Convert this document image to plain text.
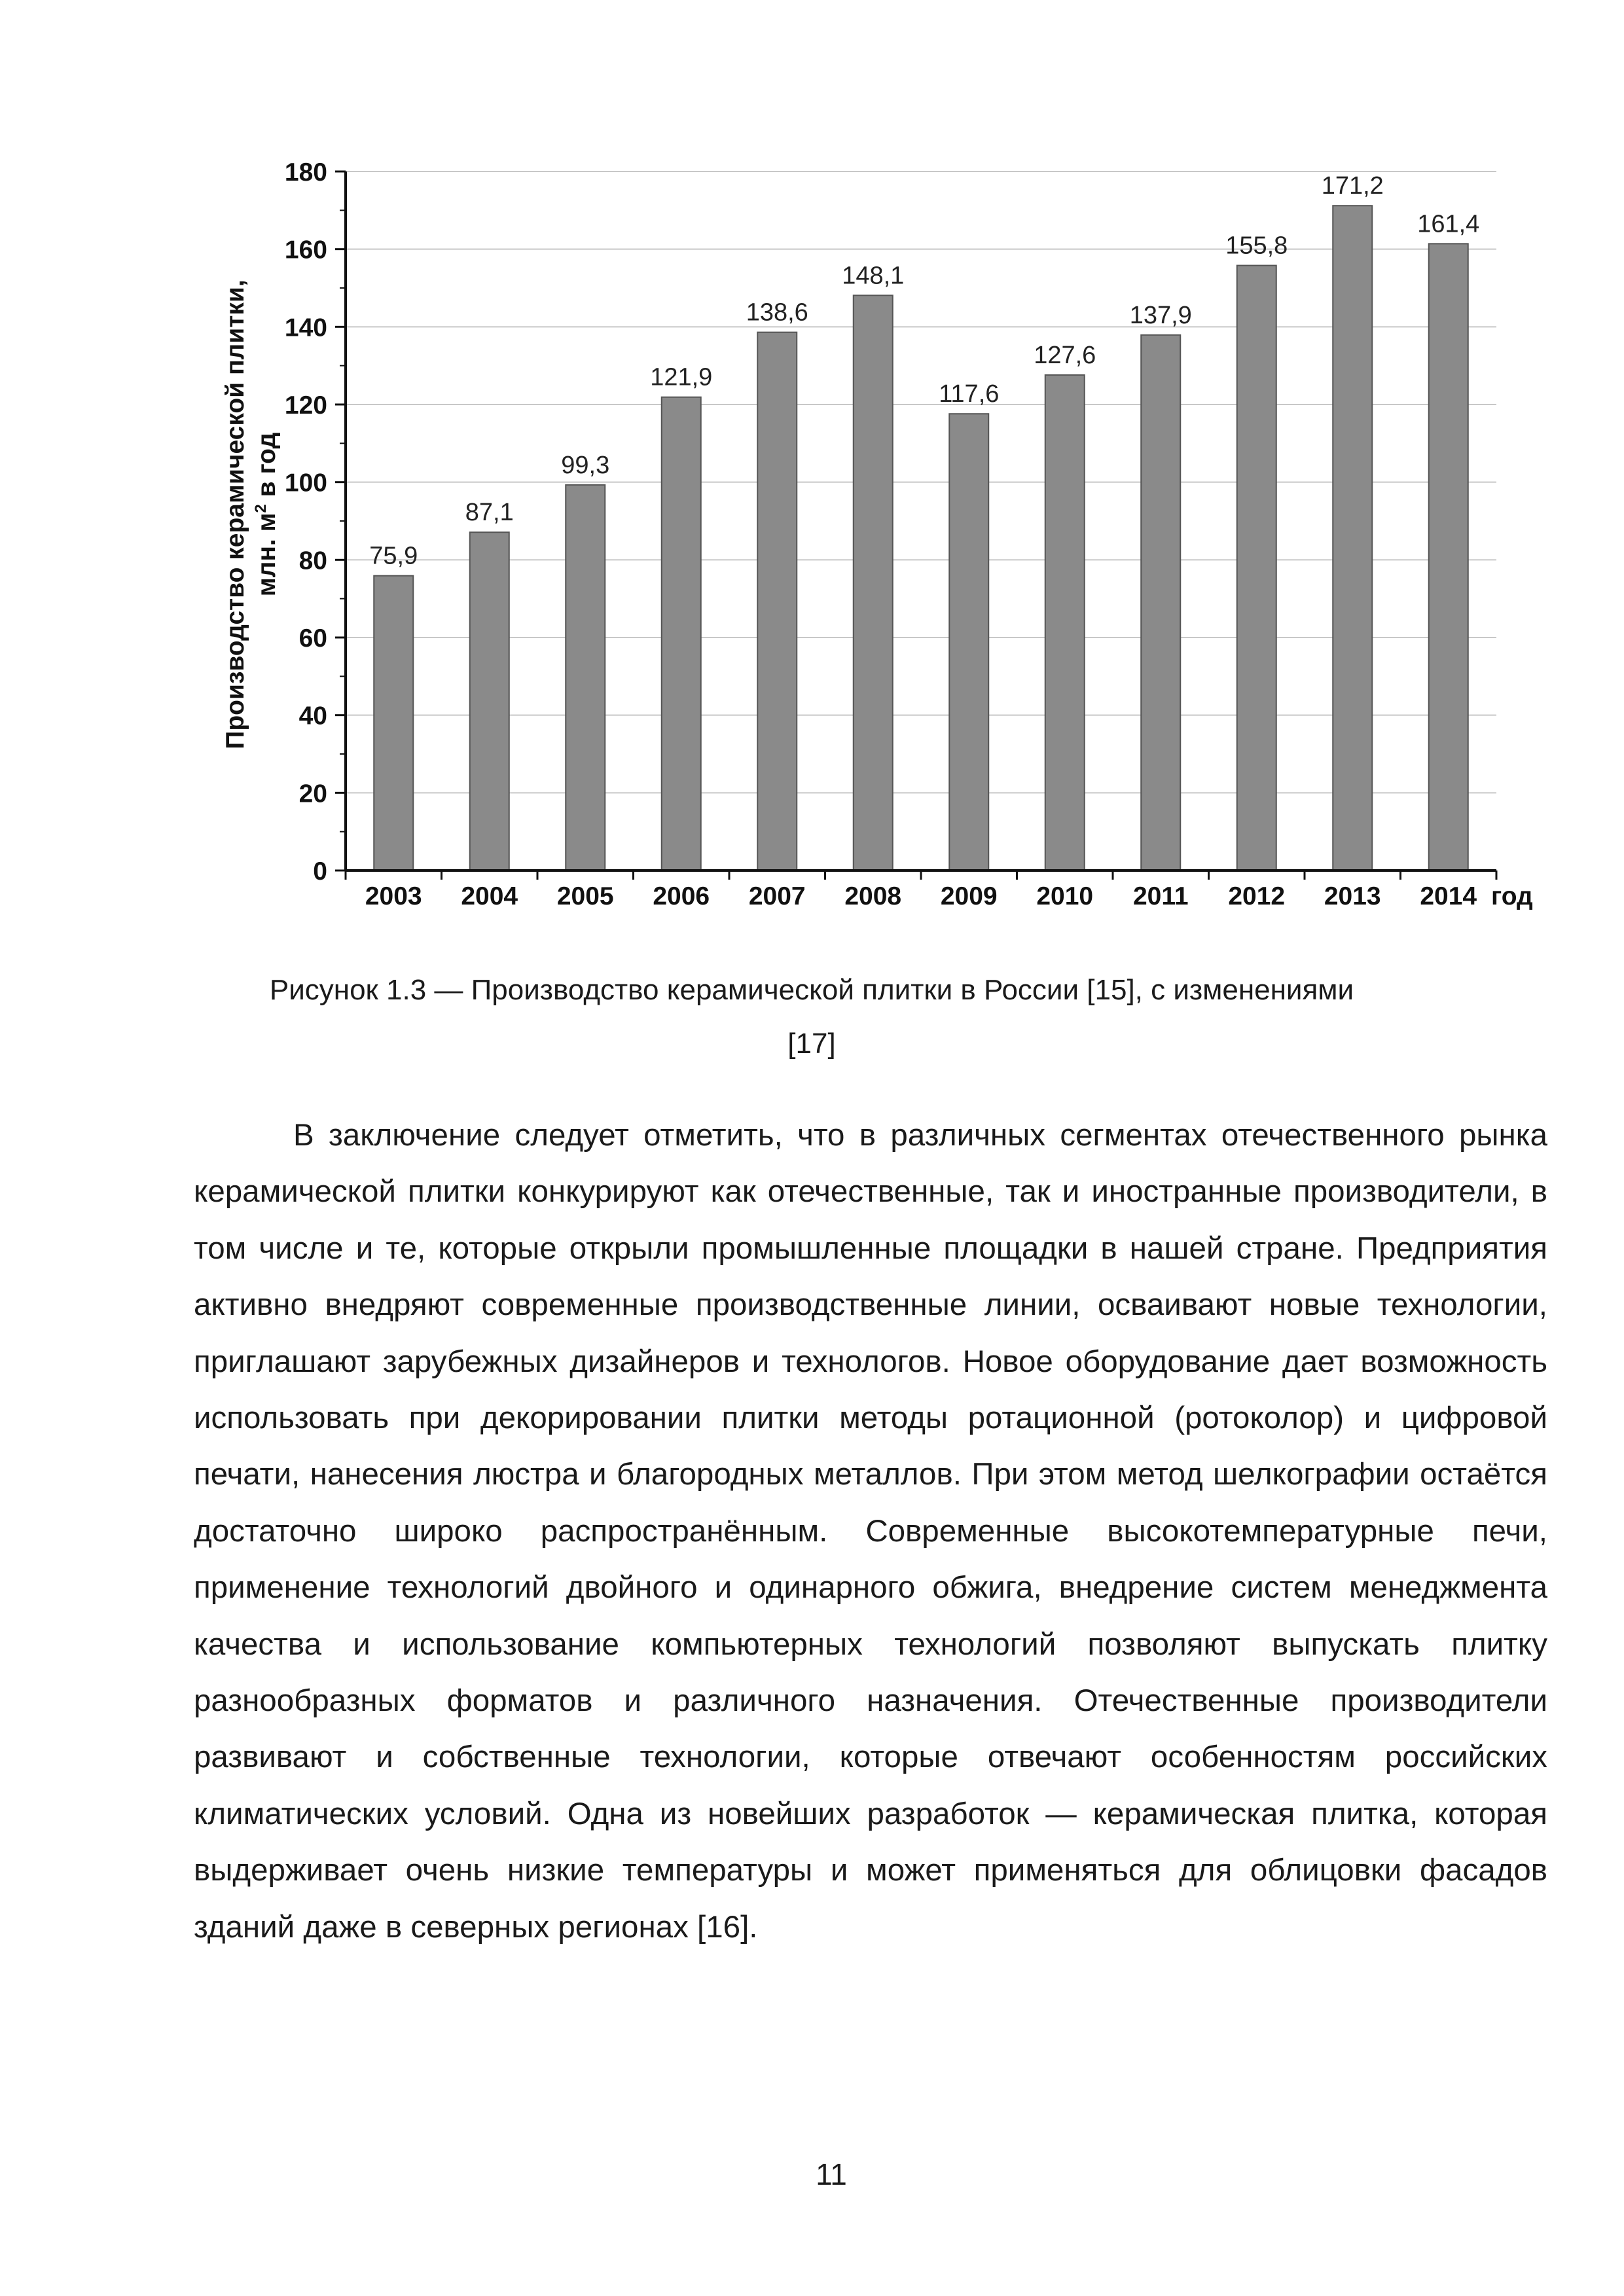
75,9
87,1
99,3
121,9
138,6
148,1
117,6
127,6
137,9
155,8
171,2
161,4
0
20
40
60
80
100
120
140
160
180
2003 2004 2005 2006 2007 2008 2009 2010 2011 2012 2013 2014 год
Производство керамической плитки, млн. $м^2$ в год
Рисунок 1.3 — Производство керамической плитки в России [15], с изменениями
[17]
В заключение следует отметить, что в различных сегментах отечественного рынка керамической плитки конкурируют как отечественные, так и иностранные производители, в том числе и те, которые открыли промышленные площадки в нашей стране. Предприятия активно внедряют современные производственные линии, осваивают новые технологии, приглашают зарубежных дизайнеров и технологов. Новое оборудование дает возможность использовать при декорировании плитки методы ротационной (ротоколор) и цифровой печати, нанесения люстра и благородных металлов. При этом метод шелкографии остаётся достаточно широко распространённым. Современные высокотемпературные печи, применение технологий двойного и одинарного обжига, внедрение систем менеджмента качества и использование компьютерных технологий позволяют выпускать плитку разнообразных форматов и различного назначения. Отечественные производители развивают и собственные технологии, которые отвечают особенностям российских климатических условий. Одна из новейших разработок — керамическая плитка, которая выдерживает очень низкие температуры и может применяться для облицовки фасадов зданий даже в северных регионах [16].
11
